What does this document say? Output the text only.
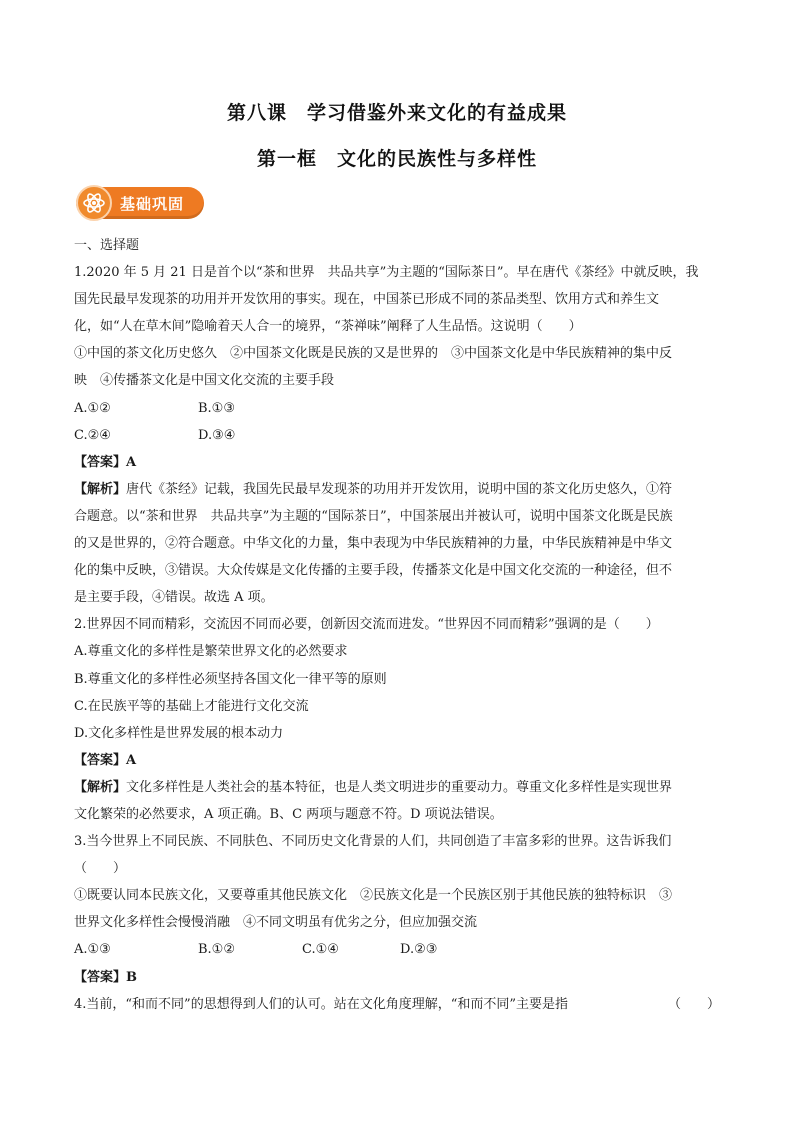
第八课　学习借鉴外来文化的有益成果
第一框　文化的民族性与多样性
基础巩固
一、选择题
1.2020 年 5 月 21 日是首个以“茶和世界　共品共享”为主题的“国际茶日”。早在唐代《茶经》中就反映，我
国先民最早发现茶的功用并开发饮用的事实。现在，中国茶已形成不同的茶品类型、饮用方式和养生文
化，如“人在草木间”隐喻着天人合一的境界，“茶禅味”阐释了人生品悟。这说明（　　）
①中国的茶文化历史悠久　②中国茶文化既是民族的又是世界的　③中国茶文化是中华民族精神的集中反
映　④传播茶文化是中国文化交流的主要手段

A.①②

	B.①③

C.②④

	D.③④

【答案】A
【解析】唐代《茶经》记载，我国先民最早发现茶的功用并开发饮用，说明中国的茶文化历史悠久，①符
合题意。以“茶和世界　共品共享”为主题的“国际茶日”，中国茶展出并被认可，说明中国茶文化既是民族
的又是世界的，②符合题意。中华文化的力量，集中表现为中华民族精神的力量，中华民族精神是中华文
化的集中反映，③错误。大众传媒是文化传播的主要手段，传播茶文化是中国文化交流的一种途径，但不
是主要手段，④错误。故选 A 项。
2.世界因不同而精彩，交流因不同而必要，创新因交流而进发。“世界因不同而精彩”强调的是（　　）
A.尊重文化的多样性是繁荣世界文化的必然要求
B.尊重文化的多样性必须坚持各国文化一律平等的原则
C.在民族平等的基础上才能进行文化交流
D.文化多样性是世界发展的根本动力
【答案】A
【解析】文化多样性是人类社会的基本特征，也是人类文明进步的重要动力。尊重文化多样性是实现世界
文化繁荣的必然要求，A 项正确。B、C 两项与题意不符。D 项说法错误。
3.当今世界上不同民族、不同肤色、不同历史文化背景的人们，共同创造了丰富多彩的世界。这告诉我们
（　　）
①既要认同本民族文化，又要尊重其他民族文化　②民族文化是一个民族区别于其他民族的独特标识　③
世界文化多样性会慢慢消融　④不同文明虽有优劣之分，但应加强交流

A.①③

	B.①②

	C.①④

	D.②③

【答案】B

4.当前，“和而不同”的思想得到人们的认可。站在文化角度理解，“和而不同”主要是指

	（　　）
